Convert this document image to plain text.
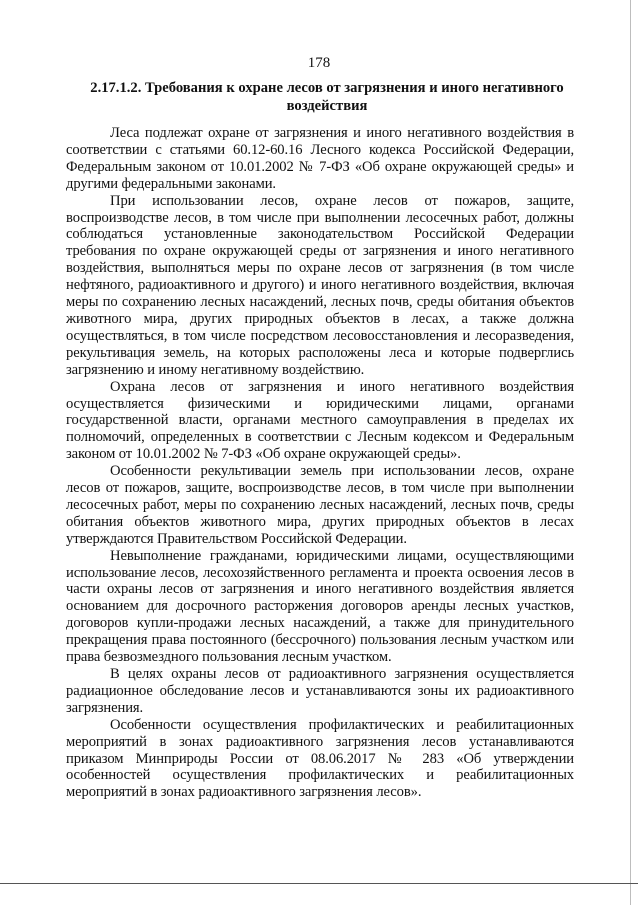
178
2.17.1.2. Требования к охране лесов от загрязнения и иного негативного воздействия

Леса подлежат охране от загрязнения и иного негативного воздействия в соответствии с статьями 60.12-60.16 Лесного кодекса Российской Федерации, Федеральным законом от 10.01.2002 № 7-ФЗ «Об охране окружающей среды» и другими федеральными законами.

При использовании лесов, охране лесов от пожаров, защите, воспроизводстве лесов, в том числе при выполнении лесосечных работ, должны соблюдаться установленные законодательством Российской Федерации требования по охране окружающей среды от загрязнения и иного негативного воздействия, выполняться меры по охране лесов от загрязнения (в том числе нефтяного, радиоактивного и другого) и иного негативного воздействия, включая меры по сохранению лесных насаждений, лесных почв, среды обитания объектов животного мира, других природных объектов в лесах, а также должна осуществляться, в том числе посредством лесовосстановления и лесоразведения, рекультивация земель, на которых расположены леса и которые подверглись загрязнению и иному негативному воздействию.

Охрана лесов от загрязнения и иного негативного воздействия осуществляется физическими и юридическими лицами, органами государственной власти, органами местного самоуправления в пределах их полномочий, определенных в соответствии с Лесным кодексом и Федеральным законом от 10.01.2002 № 7-ФЗ «Об охране окружающей среды».

Особенности рекультивации земель при использовании лесов, охране лесов от пожаров, защите, воспроизводстве лесов, в том числе при выполнении лесосечных работ, меры по сохранению лесных насаждений, лесных почв, среды обитания объектов животного мира, других природных объектов в лесах утверждаются Правительством Российской Федерации.

Невыполнение гражданами, юридическими лицами, осуществляющими использование лесов, лесохозяйственного регламента и проекта освоения лесов в части охраны лесов от загрязнения и иного негативного воздействия является основанием для досрочного расторжения договоров аренды лесных участков, договоров купли-продажи лесных насаждений, а также для принудительного прекращения права постоянного (бессрочного) пользования лесным участком или права безвозмездного пользования лесным участком.

В целях охраны лесов от радиоактивного загрязнения осуществляется радиационное обследование лесов и устанавливаются зоны их радиоактивного загрязнения.

Особенности осуществления профилактических и реабилитационных мероприятий в зонах радиоактивного загрязнения лесов устанавливаются приказом Минприроды России от 08.06.2017 № 283 «Об утверждении особенностей осуществления профилактических и реабилитационных мероприятий в зонах радиоактивного загрязнения лесов».
